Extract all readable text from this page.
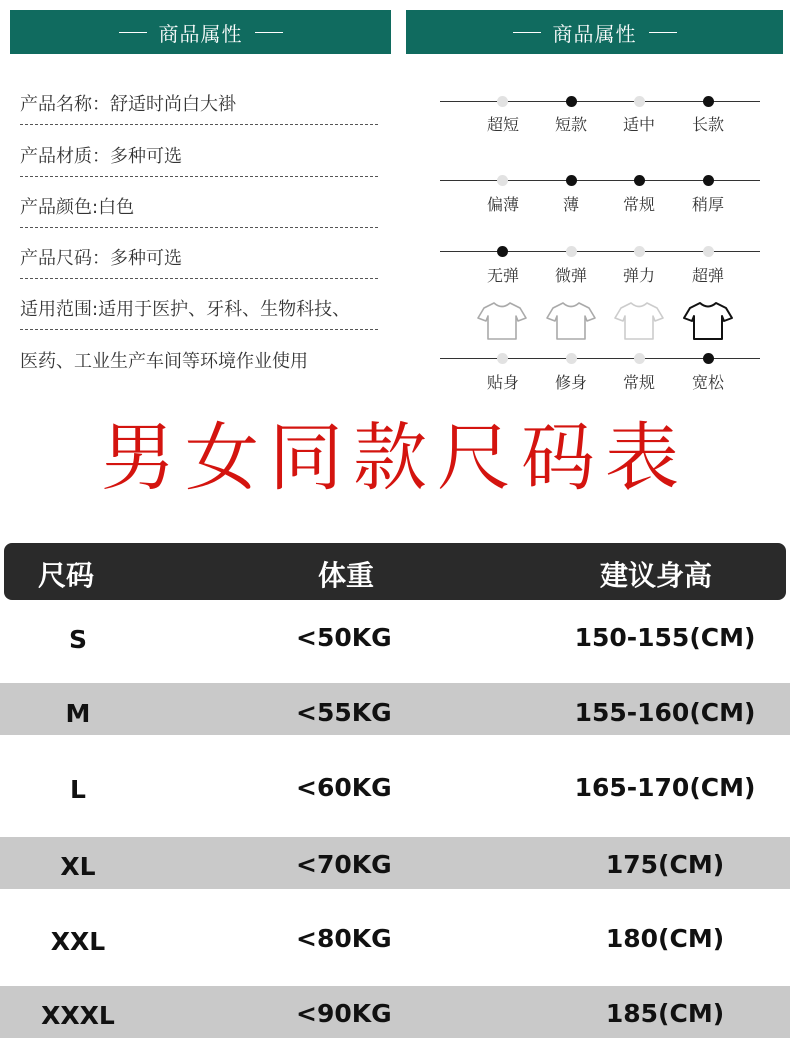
商品属性	商品属性
产品名称：舒适时尚白大褂
产品材质：多种可选
产品颜色:白色
产品尺码：多种可选
适用范围:适用于医护、牙科、生物科技、
医药、工业生产车间等环境作业使用
超短	短款	适中	长款
偏薄	薄	常规	稍厚
无弹	微弹	弹力	超弹
贴身	修身	常规	宽松
男女同款尺码表
尺码	体重	建议身高
S	<50KG	150-155(CM)
M	<55KG	155-160(CM)
L	<60KG	165-170(CM)
XL	<70KG	175(CM)
XXL	<80KG	180(CM)
XXXL	<90KG	185(CM)
